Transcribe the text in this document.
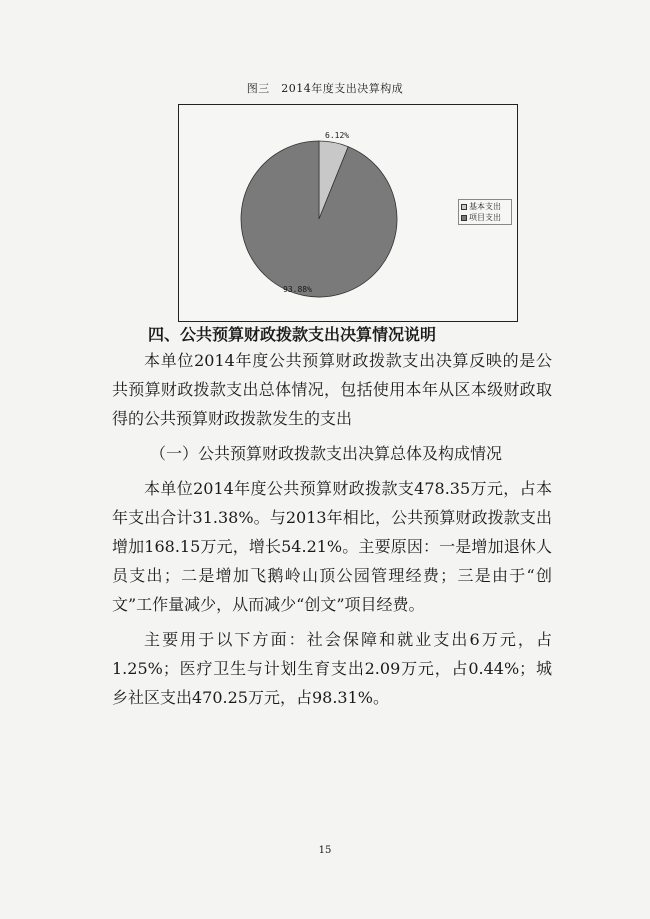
图三　2014年度支出决算构成
6.12%
93.88%
基本支出
项目支出
四、公共预算财政拨款支出决算情况说明
本单位2014年度公共预算财政拨款支出决算反映的是公共预算财政拨款支出总体情况，包括使用本年从区本级财政取得的公共预算财政拨款发生的支出
（一）公共预算财政拨款支出决算总体及构成情况
本单位2014年度公共预算财政拨款支478.35万元，占本年支出合计31.38%。与2013年相比，公共预算财政拨款支出增加168.15万元，增长54.21%。主要原因：一是增加退休人员支出；二是增加飞鹅岭山顶公园管理经费；三是由于“创文”工作量减少，从而减少“创文”项目经费。
主要用于以下方面：社会保障和就业支出6万元，占1.25%；医疗卫生与计划生育支出2.09万元，占0.44%；城乡社区支出470.25万元，占98.31%。
15
